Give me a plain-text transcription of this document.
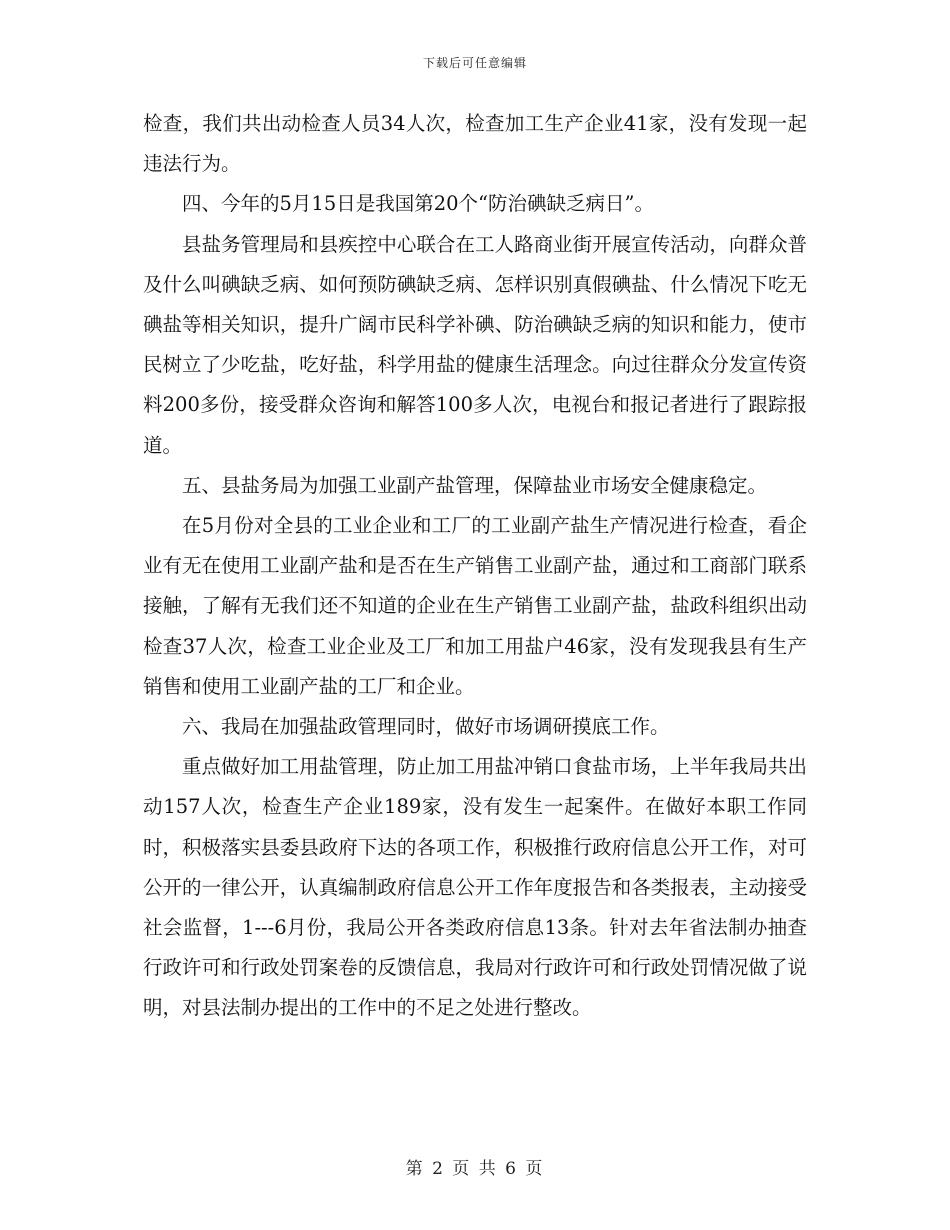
下载后可任意编辑

检查，我们共出动检查人员34人次，检查加工生产企业41家，没有发现一起违法行为。

四、今年的5月15日是我国第20个“防治碘缺乏病日”。

县盐务管理局和县疾控中心联合在工人路商业街开展宣传活动，向群众普及什么叫碘缺乏病、如何预防碘缺乏病、怎样识别真假碘盐、什么情况下吃无碘盐等相关知识，提升广阔市民科学补碘、防治碘缺乏病的知识和能力，使市民树立了少吃盐，吃好盐，科学用盐的健康生活理念。向过往群众分发宣传资料200多份，接受群众咨询和解答100多人次，电视台和报记者进行了跟踪报道。

五、县盐务局为加强工业副产盐管理，保障盐业市场安全健康稳定。

在5月份对全县的工业企业和工厂的工业副产盐生产情况进行检查，看企业有无在使用工业副产盐和是否在生产销售工业副产盐，通过和工商部门联系接触，了解有无我们还不知道的企业在生产销售工业副产盐，盐政科组织出动检查37人次，检查工业企业及工厂和加工用盐户46家，没有发现我县有生产销售和使用工业副产盐的工厂和企业。

六、我局在加强盐政管理同时，做好市场调研摸底工作。

重点做好加工用盐管理，防止加工用盐冲销口食盐市场，上半年我局共出动157人次，检查生产企业189家，没有发生一起案件。在做好本职工作同时，积极落实县委县政府下达的各项工作，积极推行政府信息公开工作，对可公开的一律公开，认真编制政府信息公开工作年度报告和各类报表，主动接受社会监督，1---6月份，我局公开各类政府信息13条。针对去年省法制办抽查行政许可和行政处罚案卷的反馈信息，我局对行政许可和行政处罚情况做了说明，对县法制办提出的工作中的不足之处进行整改。

第 2 页 共 6 页
